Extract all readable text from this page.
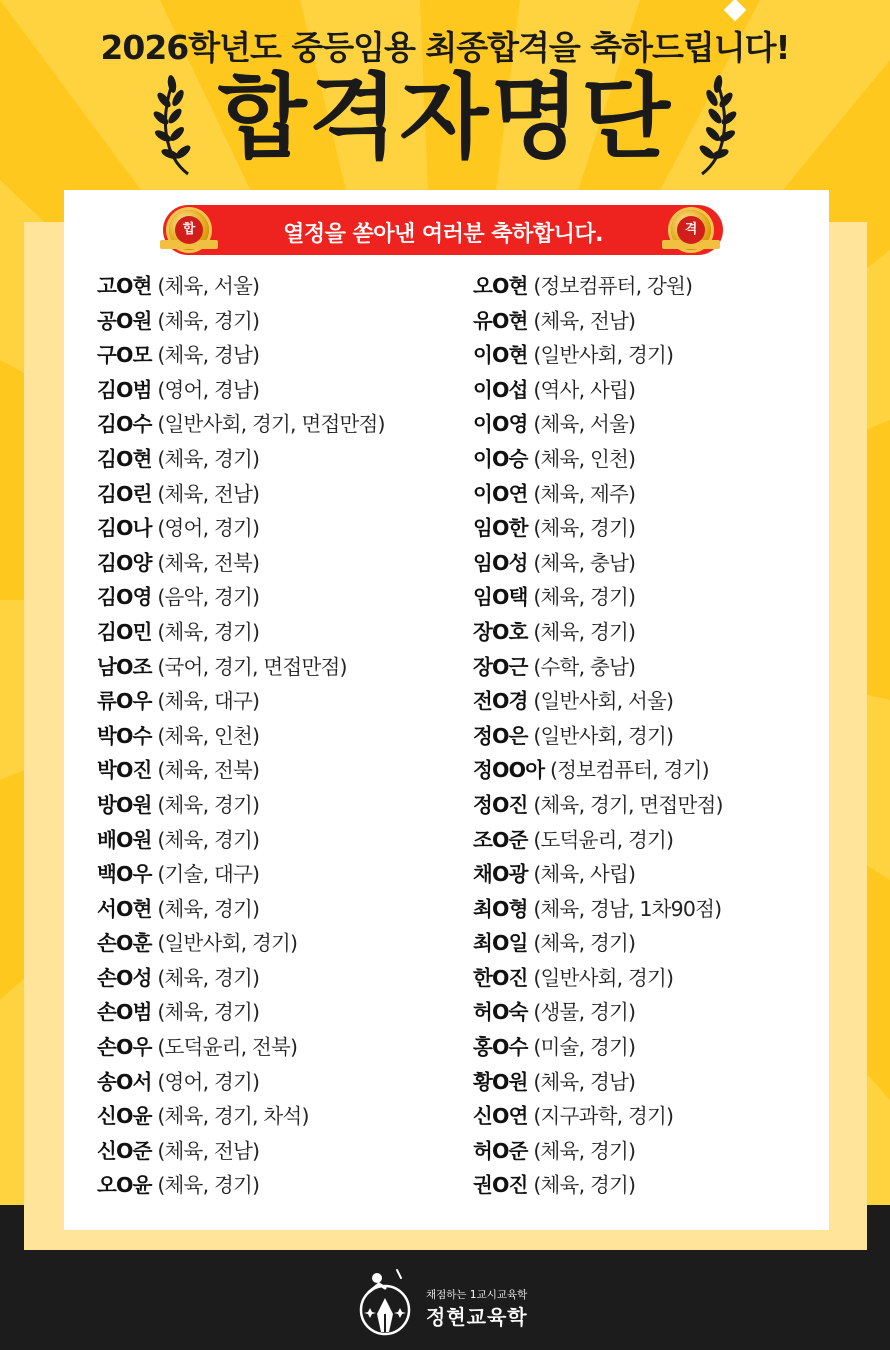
2026학년도 중등임용 최종합격을 축하드립니다!
합격자명단
합	열정을 쏟아낸 여러분 축하합니다.	격
고O현 (체육, 서울)
공O원 (체육, 경기)
구O모 (체육, 경남)
김O범 (영어, 경남)
김O수 (일반사회, 경기, 면접만점)
김O현 (체육, 경기)
김O린 (체육, 전남)
김O나 (영어, 경기)
김O양 (체육, 전북)
김O영 (음악, 경기)
김O민 (체육, 경기)
남O조 (국어, 경기, 면접만점)
류O우 (체육, 대구)
박O수 (체육, 인천)
박O진 (체육, 전북)
방O원 (체육, 경기)
배O원 (체육, 경기)
백O우 (기술, 대구)
서O현 (체육, 경기)
손O훈 (일반사회, 경기)
손O성 (체육, 경기)
손O범 (체육, 경기)
손O우 (도덕윤리, 전북)
송O서 (영어, 경기)
신O윤 (체육, 경기, 차석)
신O준 (체육, 전남)
오O윤 (체육, 경기)
오O현 (정보컴퓨터, 강원)
유O현 (체육, 전남)
이O현 (일반사회, 경기)
이O섭 (역사, 사립)
이O영 (체육, 서울)
이O승 (체육, 인천)
이O연 (체육, 제주)
임O한 (체육, 경기)
임O성 (체육, 충남)
임O택 (체육, 경기)
장O호 (체육, 경기)
장O근 (수학, 충남)
전O경 (일반사회, 서울)
정O은 (일반사회, 경기)
정OO아 (정보컴퓨터, 경기)
정O진 (체육, 경기, 면접만점)
조O준 (도덕윤리, 경기)
채O광 (체육, 사립)
최O형 (체육, 경남, 1차90점)
최O일 (체육, 경기)
한O진 (일반사회, 경기)
허O숙 (생물, 경기)
홍O수 (미술, 경기)
황O원 (체육, 경남)
신O연 (지구과학, 경기)
허O준 (체육, 경기)
권O진 (체육, 경기)
채점하는 1교시교육학
정현교육학
